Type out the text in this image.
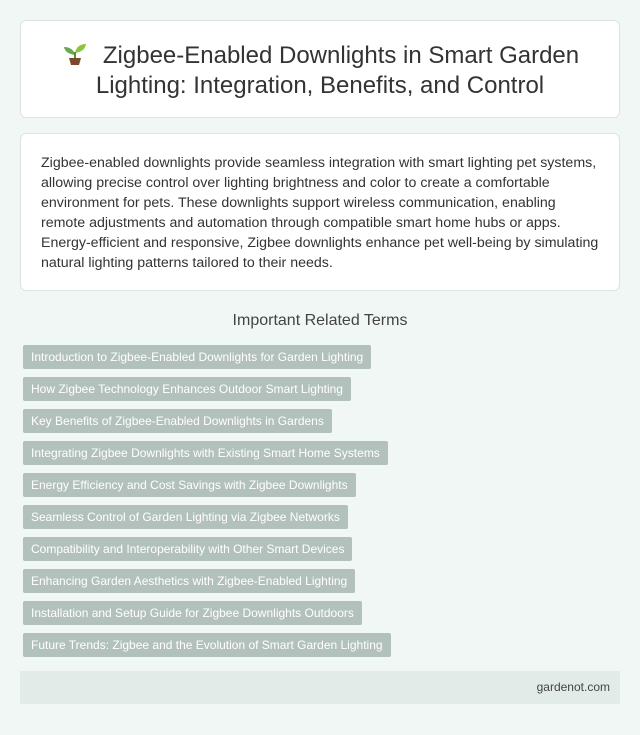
Zigbee-Enabled Downlights in Smart Garden Lighting: Integration, Benefits, and Control

Zigbee-enabled downlights provide seamless integration with smart lighting pet systems, allowing precise control over lighting brightness and color to create a comfortable environment for pets. These downlights support wireless communication, enabling remote adjustments and automation through compatible smart home hubs or apps. Energy-efficient and responsive, Zigbee downlights enhance pet well-being by simulating natural lighting patterns tailored to their needs.

Important Related Terms
Introduction to Zigbee-Enabled Downlights for Garden Lighting
How Zigbee Technology Enhances Outdoor Smart Lighting
Key Benefits of Zigbee-Enabled Downlights in Gardens
Integrating Zigbee Downlights with Existing Smart Home Systems
Energy Efficiency and Cost Savings with Zigbee Downlights
Seamless Control of Garden Lighting via Zigbee Networks
Compatibility and Interoperability with Other Smart Devices
Enhancing Garden Aesthetics with Zigbee-Enabled Lighting
Installation and Setup Guide for Zigbee Downlights Outdoors
Future Trends: Zigbee and the Evolution of Smart Garden Lighting
gardenot.com
